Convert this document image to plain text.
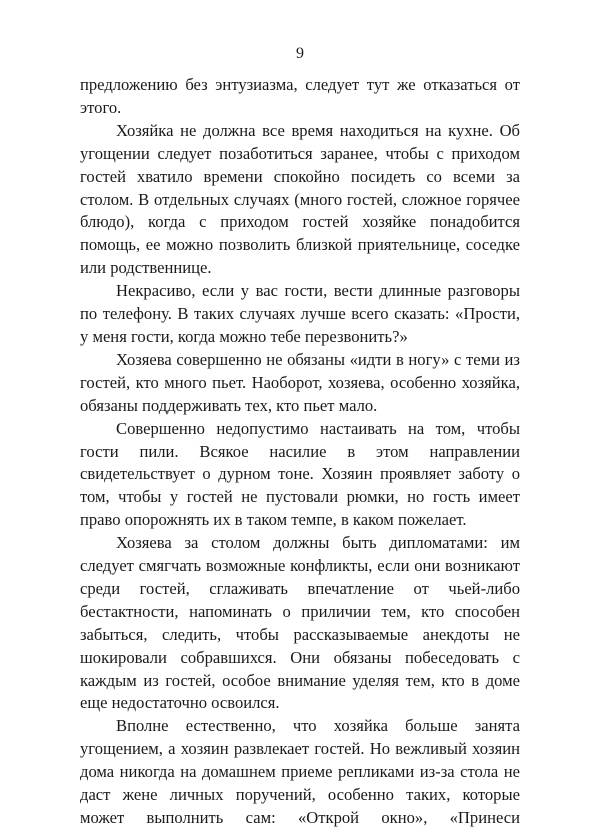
9

предложению без энтузиазма, следует тут же отказаться от этого.

Хозяйка не должна все время находиться на кухне. Об угощении следует позаботиться заранее, чтобы с приходом гостей хватило времени спокойно посидеть со всеми за столом. В отдельных случаях (много гостей, сложное горячее блюдо), когда с приходом гостей хозяйке понадобится помощь, ее можно позволить близкой приятельнице, соседке или родственнице.

Некрасиво, если у вас гости, вести длинные разговоры по телефону. В таких случаях лучше всего сказать: «Прости, у меня гости, когда можно тебе перезвонить?»

Хозяева совершенно не обязаны «идти в ногу» с теми из гостей, кто много пьет. Наоборот, хозяева, особенно хозяйка, обязаны поддерживать тех, кто пьет мало.

Совершенно недопустимо настаивать на том, чтобы гости пили. Всякое насилие в этом направлении свидетельствует о дурном тоне. Хозяин проявляет заботу о том, чтобы у гостей не пустовали рюмки, но гость имеет право опорожнять их в таком темпе, в каком пожелает.

Хозяева за столом должны быть дипломатами: им следует смягчать возможные конфликты, если они возникают среди гостей, сглаживать впечатление от чьей-либо бестактности, напоминать о приличии тем, кто способен забыться, следить, чтобы рассказываемые анекдоты не шокировали собравшихся. Они обязаны побеседовать с каждым из гостей, особое внимание уделяя тем, кто в доме еще недостаточно освоился.

Вполне естественно, что хозяйка больше занята угощением, а хозяин развлекает гостей. Но вежливый хозяин дома никогда на домашнем приеме репликами из-за стола не даст жене личных поручений, особенно таких, которые может выполнить сам: «Открой окно», «Принеси
